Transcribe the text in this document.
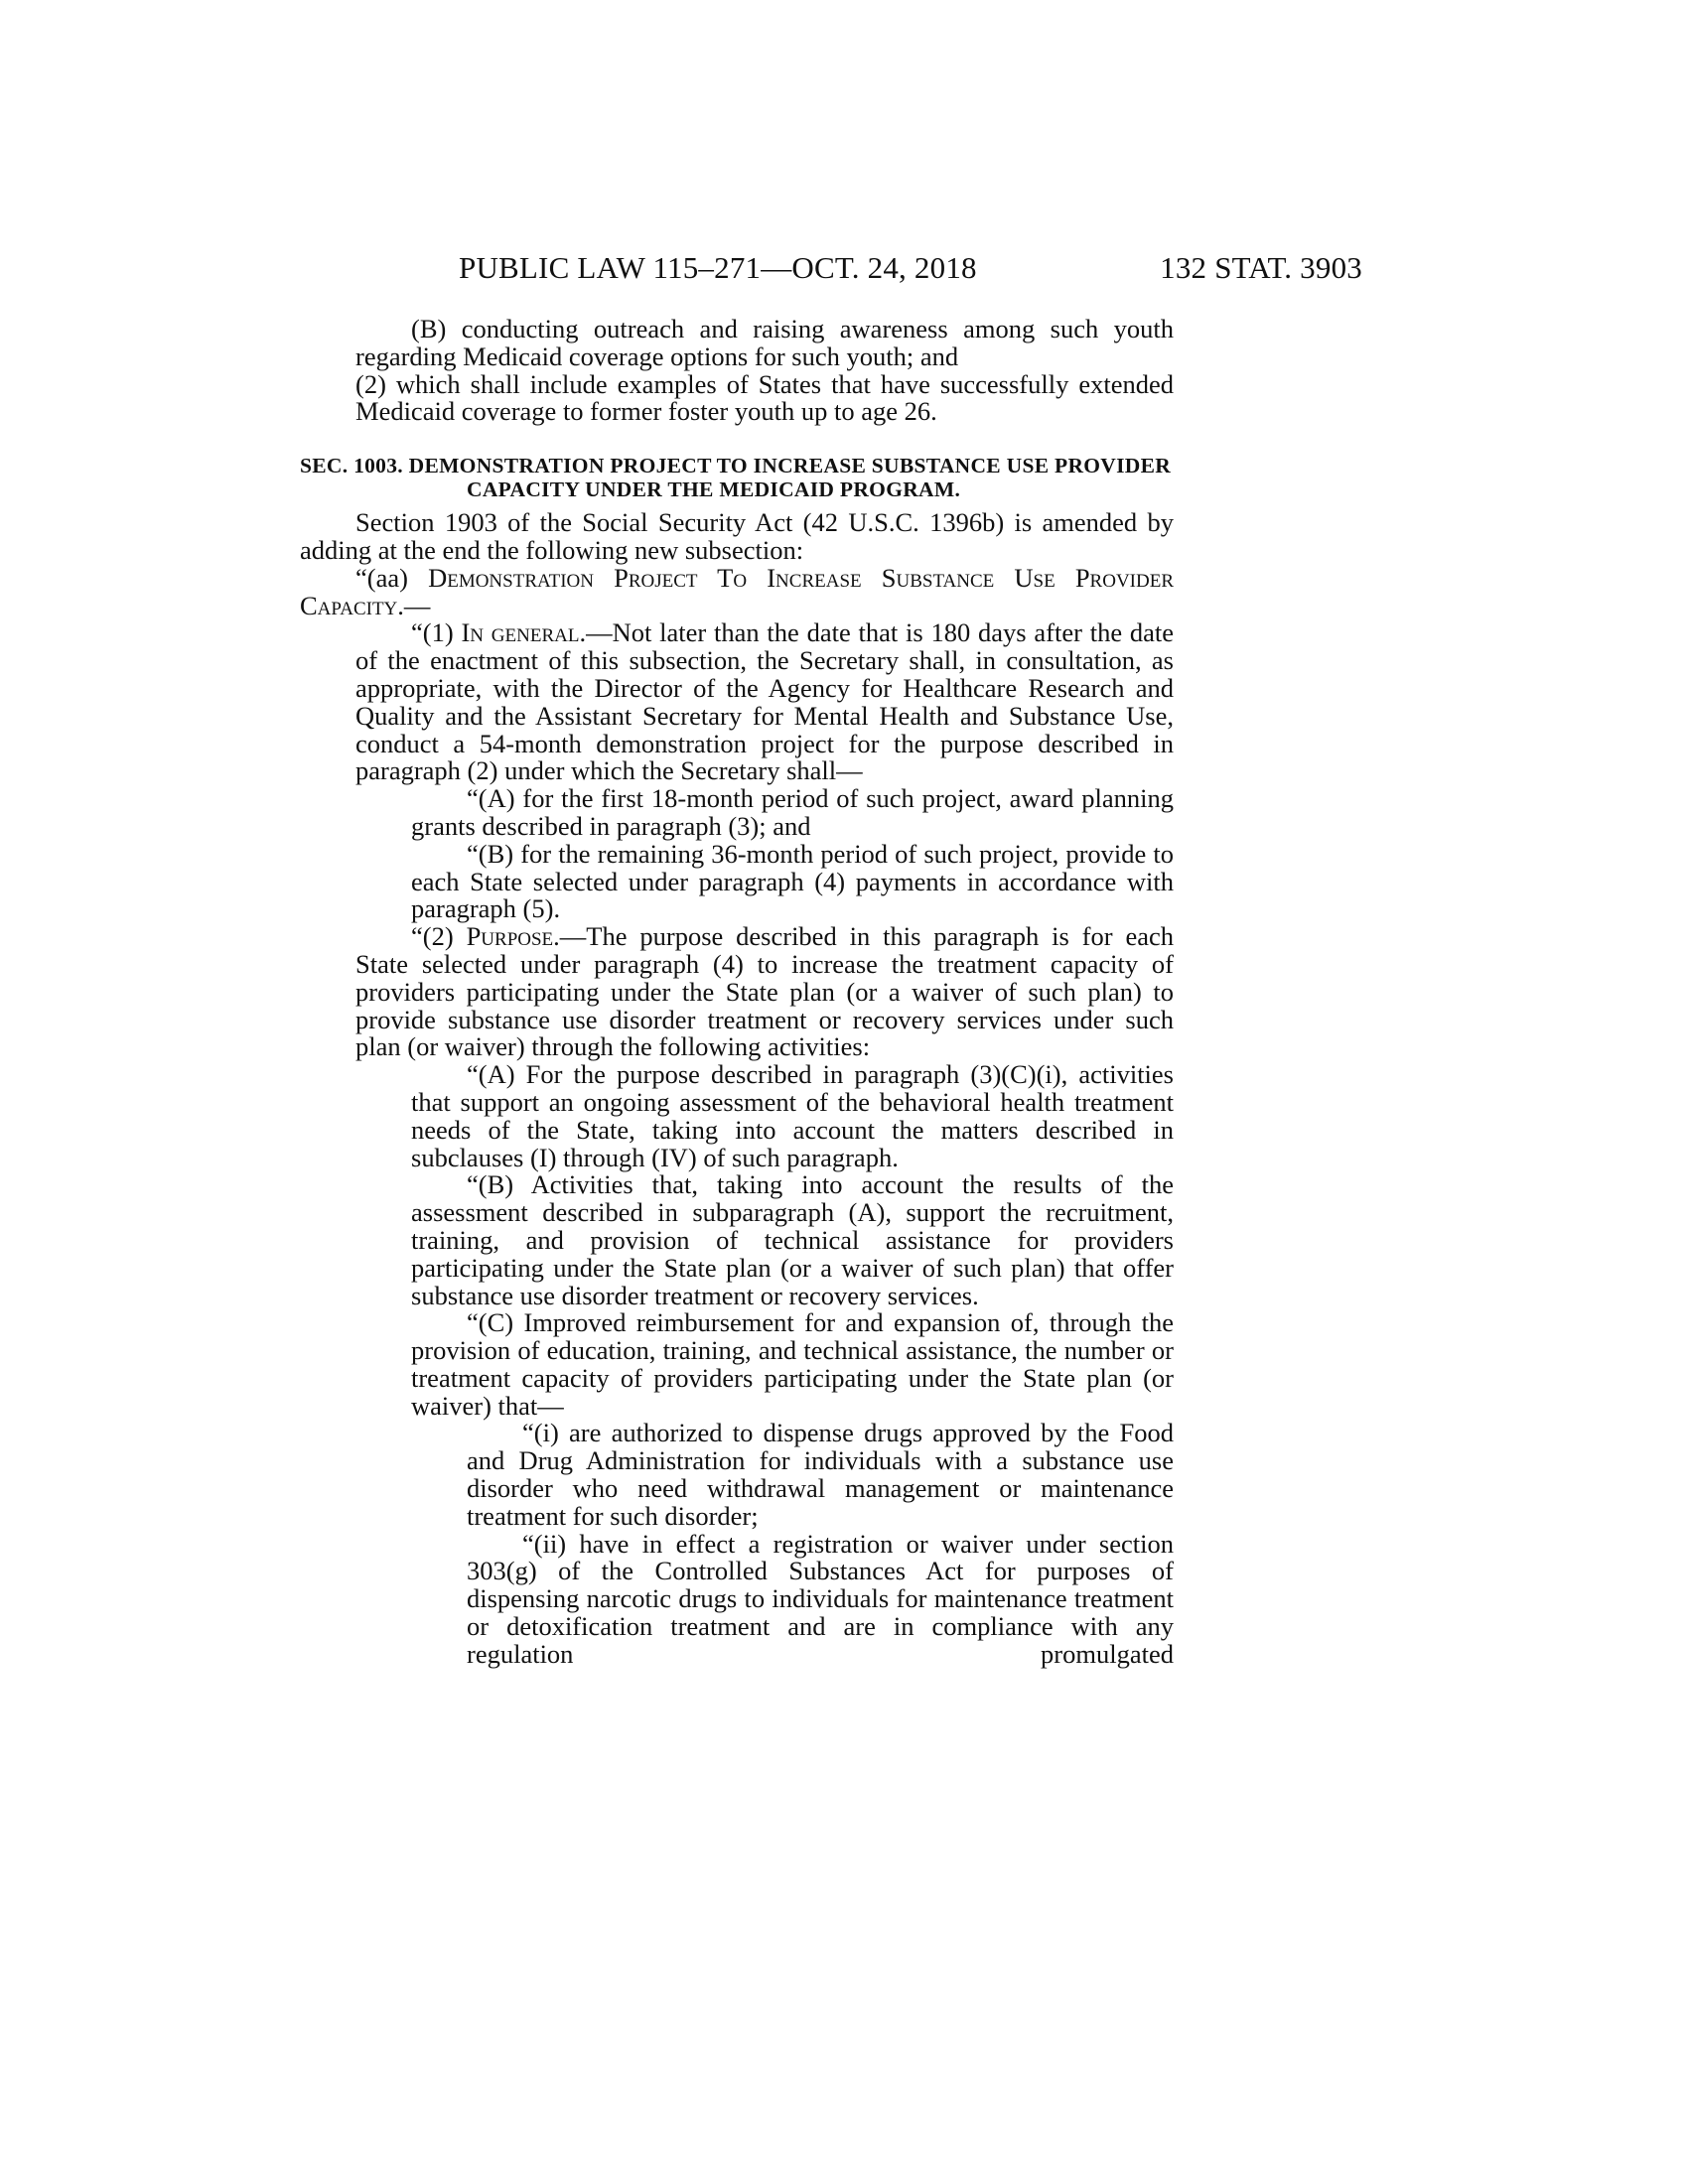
PUBLIC LAW 115–271—OCT. 24, 2018	132 STAT. 3903

(B) conducting outreach and raising awareness among such youth regarding Medicaid coverage options for such youth; and

(2) which shall include examples of States that have successfully extended Medicaid coverage to former foster youth up to age 26.

SEC. 1003. DEMONSTRATION PROJECT TO INCREASE SUBSTANCE USE PROVIDER CAPACITY UNDER THE MEDICAID PROGRAM.

Section 1903 of the Social Security Act (42 U.S.C. 1396b) is amended by adding at the end the following new subsection:

“(aa) Demonstration Project To Increase Substance Use Provider Capacity.—

“(1) In general.—Not later than the date that is 180 days after the date of the enactment of this subsection, the Secretary shall, in consultation, as appropriate, with the Director of the Agency for Healthcare Research and Quality and the Assistant Secretary for Mental Health and Substance Use, conduct a 54-month demonstration project for the purpose described in paragraph (2) under which the Secretary shall—

“(A) for the first 18-month period of such project, award planning grants described in paragraph (3); and

“(B) for the remaining 36-month period of such project, provide to each State selected under paragraph (4) payments in accordance with paragraph (5).

“(2) Purpose.—The purpose described in this paragraph is for each State selected under paragraph (4) to increase the treatment capacity of providers participating under the State plan (or a waiver of such plan) to provide substance use disorder treatment or recovery services under such plan (or waiver) through the following activities:

“(A) For the purpose described in paragraph (3)(C)(i), activities that support an ongoing assessment of the behavioral health treatment needs of the State, taking into account the matters described in subclauses (I) through (IV) of such paragraph.

“(B) Activities that, taking into account the results of the assessment described in subparagraph (A), support the recruitment, training, and provision of technical assistance for providers participating under the State plan (or a waiver of such plan) that offer substance use disorder treatment or recovery services.

“(C) Improved reimbursement for and expansion of, through the provision of education, training, and technical assistance, the number or treatment capacity of providers participating under the State plan (or waiver) that—

“(i) are authorized to dispense drugs approved by the Food and Drug Administration for individuals with a substance use disorder who need withdrawal management or maintenance treatment for such disorder;

“(ii) have in effect a registration or waiver under section 303(g) of the Controlled Substances Act for purposes of dispensing narcotic drugs to individuals for maintenance treatment or detoxification treatment and are in compliance with any regulation promulgated
